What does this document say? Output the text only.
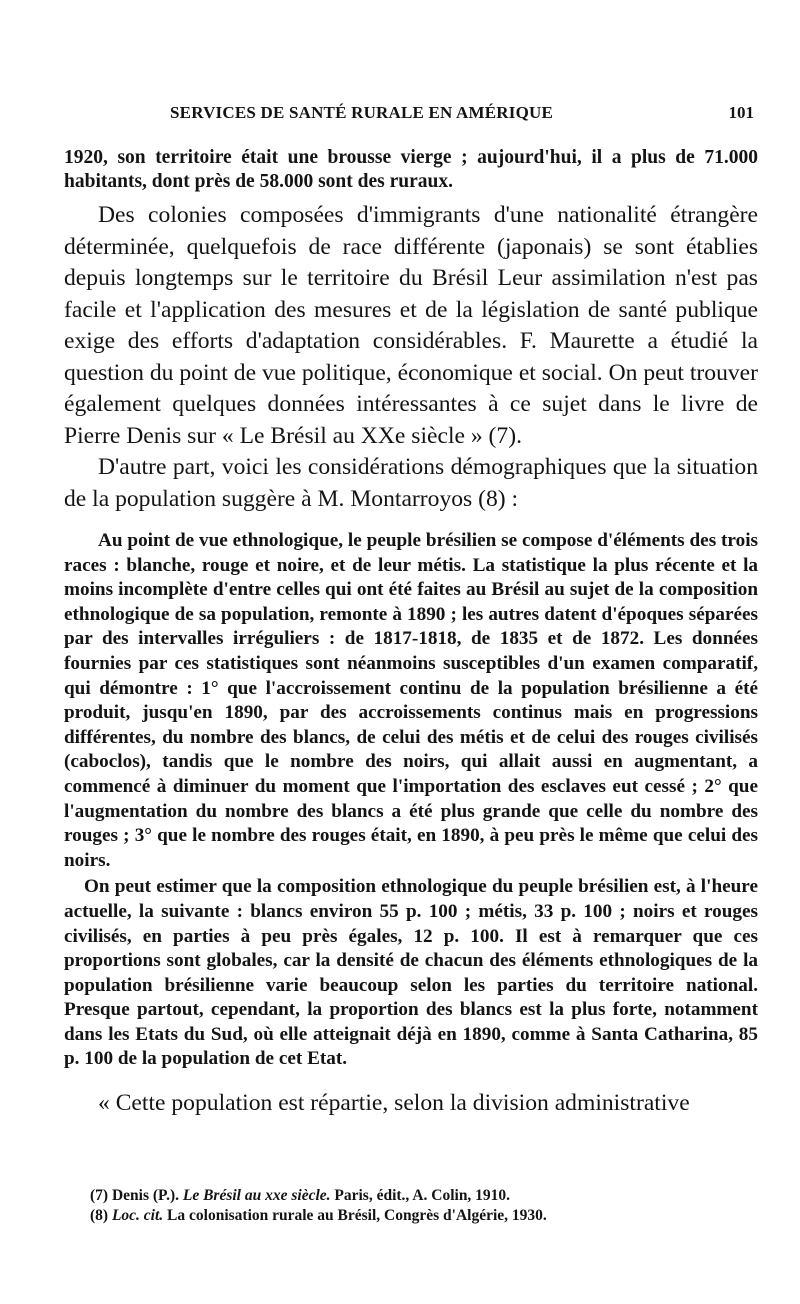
SERVICES DE SANTÉ RURALE EN AMÉRIQUE	101

1920, son territoire était une brousse vierge ; aujourd'hui, il a plus de 71.000 habitants, dont près de 58.000 sont des ruraux.

Des colonies composées d'immigrants d'une nationalité étrangère déterminée, quelquefois de race différente (japonais) se sont établies depuis longtemps sur le territoire du Brésil Leur assimilation n'est pas facile et l'application des mesures et de la législation de santé publique exige des efforts d'adaptation considérables. F. Maurette a étudié la question du point de vue politique, économique et social. On peut trouver également quelques données intéressantes à ce sujet dans le livre de Pierre Denis sur « Le Brésil au XXe siècle » (7).

D'autre part, voici les considérations démographiques que la situation de la population suggère à M. Montarroyos (8) :

Au point de vue ethnologique, le peuple brésilien se compose d'éléments des trois races : blanche, rouge et noire, et de leur métis. La statistique la plus récente et la moins incomplète d'entre celles qui ont été faites au Brésil au sujet de la composition ethnologique de sa population, remonte à 1890 ; les autres datent d'époques séparées par des intervalles irréguliers : de 1817-1818, de 1835 et de 1872. Les données fournies par ces statistiques sont néanmoins susceptibles d'un examen comparatif, qui démontre : 1° que l'accroissement continu de la population brésilienne a été produit, jusqu'en 1890, par des accroissements continus mais en progressions différentes, du nombre des blancs, de celui des métis et de celui des rouges civilisés (caboclos), tandis que le nombre des noirs, qui allait aussi en augmentant, a commencé à diminuer du moment que l'importation des esclaves eut cessé ; 2° que l'augmentation du nombre des blancs a été plus grande que celle du nombre des rouges ; 3° que le nombre des rouges était, en 1890, à peu près le même que celui des noirs.

On peut estimer que la composition ethnologique du peuple brésilien est, à l'heure actuelle, la suivante : blancs environ 55 p. 100 ; métis, 33 p. 100 ; noirs et rouges civilisés, en parties à peu près égales, 12 p. 100. Il est à remarquer que ces proportions sont globales, car la densité de chacun des éléments ethnologiques de la population brésilienne varie beaucoup selon les parties du territoire national. Presque partout, cependant, la proportion des blancs est la plus forte, notamment dans les Etats du Sud, où elle atteignait déjà en 1890, comme à Santa Catharina, 85 p. 100 de la population de cet Etat.

« Cette population est répartie, selon la division administrative

(7) Denis (P.). Le Brésil au xxe siècle. Paris, édit., A. Colin, 1910.
(8) Loc. cit. La colonisation rurale au Brésil, Congrès d'Algérie, 1930.
